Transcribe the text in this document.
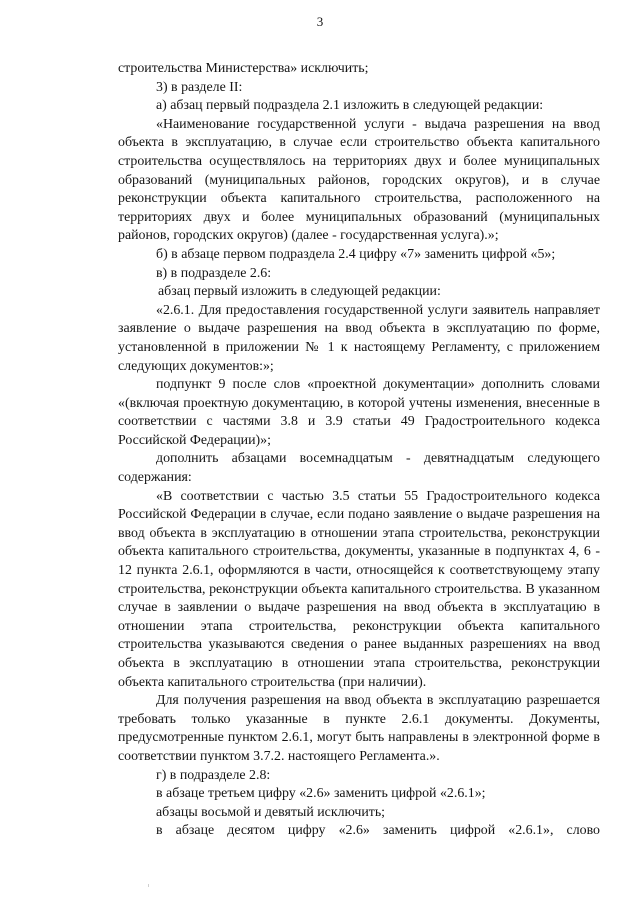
3

строительства Министерства» исключить;

3) в разделе II:

а) абзац первый подраздела 2.1 изложить в следующей редакции:

«Наименование государственной услуги - выдача разрешения на ввод объекта в эксплуатацию, в случае если строительство объекта капитального строительства осуществлялось на территориях двух и более муниципальных образований (муниципальных районов, городских округов), и в случае реконструкции объекта капитального строительства, расположенного на территориях двух и более муниципальных образований (муниципальных районов, городских округов) (далее - государственная услуга).»;

б) в абзаце первом подраздела 2.4 цифру «7» заменить цифрой «5»;

в) в подразделе 2.6:

абзац первый изложить в следующей редакции:

«2.6.1. Для предоставления государственной услуги заявитель направляет заявление о выдаче разрешения на ввод объекта в эксплуатацию по форме, установленной в приложении № 1 к настоящему Регламенту, с приложением следующих документов:»;

подпункт 9 после слов «проектной документации» дополнить словами «(включая проектную документацию, в которой учтены изменения, внесенные в соответствии с частями 3.8 и 3.9 статьи 49 Градостроительного кодекса Российской Федерации)»;

дополнить абзацами восемнадцатым - девятнадцатым следующего содержания:

«В соответствии с частью 3.5 статьи 55 Градостроительного кодекса Российской Федерации в случае, если подано заявление о выдаче разрешения на ввод объекта в эксплуатацию в отношении этапа строительства, реконструкции объекта капитального строительства, документы, указанные в подпунктах 4, 6 - 12 пункта 2.6.1, оформляются в части, относящейся к соответствующему этапу строительства, реконструкции объекта капитального строительства. В указанном случае в заявлении о выдаче разрешения на ввод объекта в эксплуатацию в отношении этапа строительства, реконструкции объекта капитального строительства указываются сведения о ранее выданных разрешениях на ввод объекта в эксплуатацию в отношении этапа строительства, реконструкции объекта капитального строительства (при наличии).

Для получения разрешения на ввод объекта в эксплуатацию разрешается требовать только указанные в пункте 2.6.1 документы. Документы, предусмотренные пунктом 2.6.1, могут быть направлены в электронной форме в соответствии пунктом 3.7.2. настоящего Регламента.».

г) в подразделе 2.8:

в абзаце третьем цифру «2.6» заменить цифрой «2.6.1»;

абзацы восьмой и девятый исключить;

в абзаце десятом цифру «2.6» заменить цифрой «2.6.1», слово
